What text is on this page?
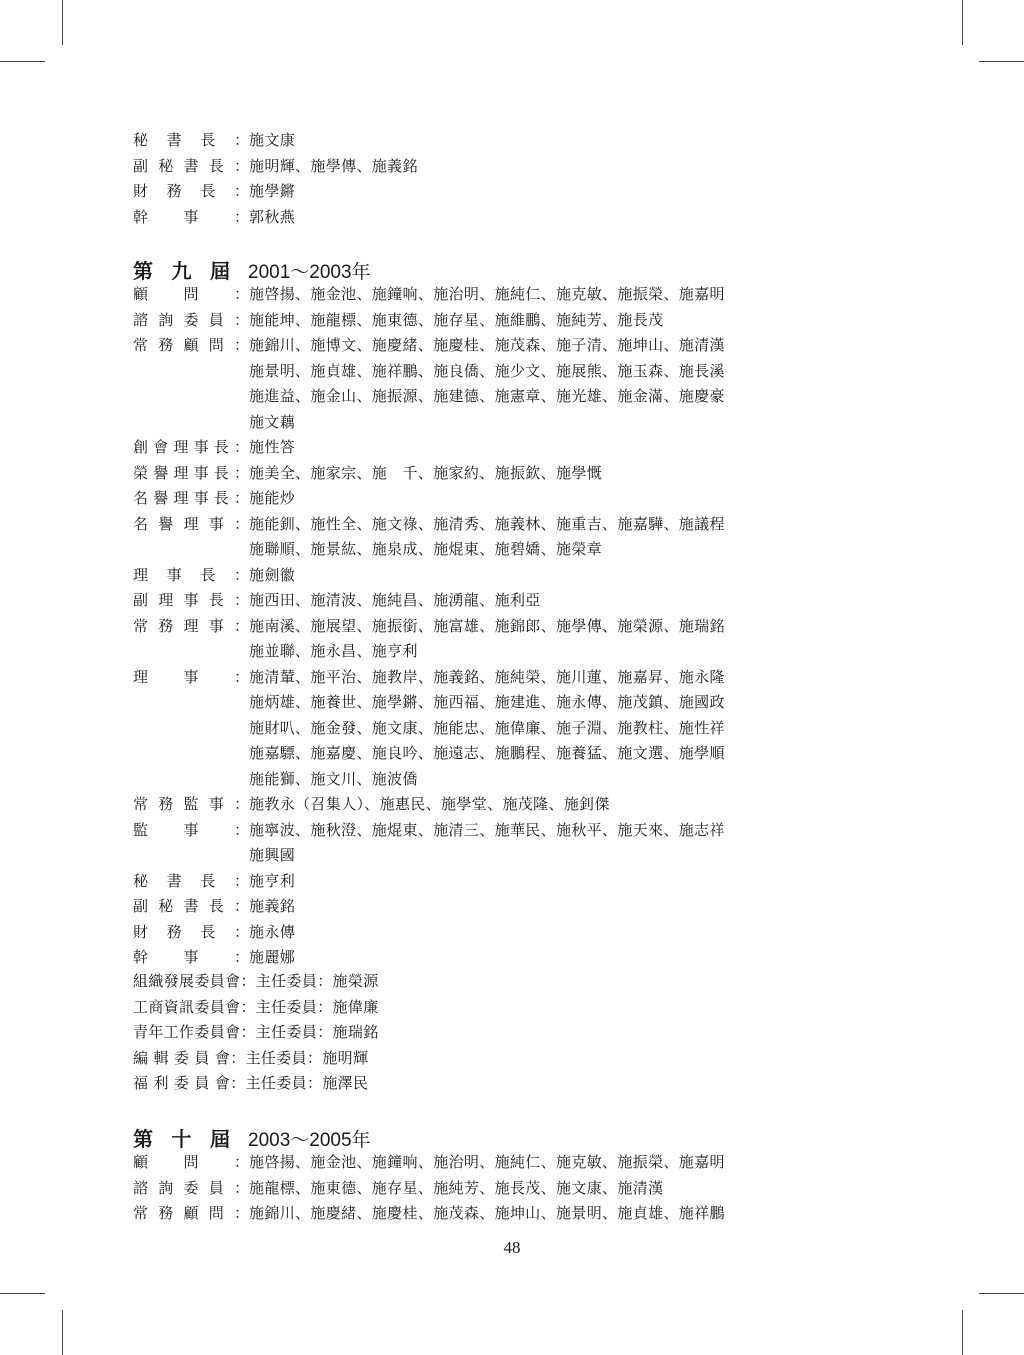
秘 書 長 ： 施文康
副 秘 書 長 ： 施明輝、施學傳、施義銘
財 務 長 ： 施學鏘
幹 事 ： 郭秋燕
第 九 屆 2001～2003年
顧 問 ： 施啓揚、施金池、施鐘响、施治明、施純仁、施克敏、施振榮、施嘉明
諮 詢 委 員 ： 施能坤、施龍標、施東德、施存星、施維鵬、施純芳、施長茂
常 務 顧 問 ： 施錦川、施博文、施慶緒、施慶桂、施茂森、施子清、施坤山、施清漢
施景明、施貞雄、施祥鵬、施良僑、施少文、施展熊、施玉森、施長溪
施進益、施金山、施振源、施建德、施憲章、施光雄、施金滿、施慶豪
施文藕
創 會 理 事 長 ： 施性答
榮 譽 理 事 長 ： 施美全、施家宗、施　千、施家約、施振欽、施學慨
名 譽 理 事 長 ： 施能炒
名 譽 理 事 ： 施能釧、施性全、施文祿、施清秀、施義林、施重吉、施嘉驊、施議程
施聯順、施景紘、施泉成、施焜東、施碧嬌、施榮章
理 事 長 ： 施劍徽
副 理 事 長 ： 施西田、施清波、施純昌、施湧龍、施利亞
常 務 理 事 ： 施南溪、施展望、施振銜、施富雄、施錦郎、施學傳、施榮源、施瑞銘
施並聯、施永昌、施亨利
理 事 ： 施清輦、施平治、施教岸、施義銘、施純榮、施川蓮、施嘉昇、施永隆
施炳雄、施養世、施學鏘、施西福、施建進、施永傳、施茂鎮、施國政
施財叭、施金發、施文康、施能忠、施偉廉、施子淵、施教柱、施性祥
施嘉驃、施嘉慶、施良吟、施遠志、施鵬程、施養猛、施文選、施學順
施能獅、施文川、施波僑
常 務 監 事 ： 施教永（召集人）、施惠民、施學堂、施茂隆、施釗傑
監 事 ： 施寧波、施秋澄、施焜東、施清三、施華民、施秋平、施天來、施志祥
施興國
秘 書 長 ： 施亨利
副 秘 書 長 ： 施義銘
財 務 長 ： 施永傳
幹 事 ： 施麗娜
組織發展委員會：主任委員：施榮源
工商資訊委員會：主任委員：施偉廉
青年工作委員會：主任委員：施瑞銘
編 輯 委 員 會：主任委員：施明輝
福 利 委 員 會：主任委員：施澤民
第 十 屆 2003～2005年
顧 問 ： 施啓揚、施金池、施鐘响、施治明、施純仁、施克敏、施振榮、施嘉明
諮 詢 委 員 ： 施龍標、施東德、施存星、施純芳、施長茂、施文康、施清漢
常 務 顧 問 ： 施錦川、施慶緒、施慶桂、施茂森、施坤山、施景明、施貞雄、施祥鵬
48
